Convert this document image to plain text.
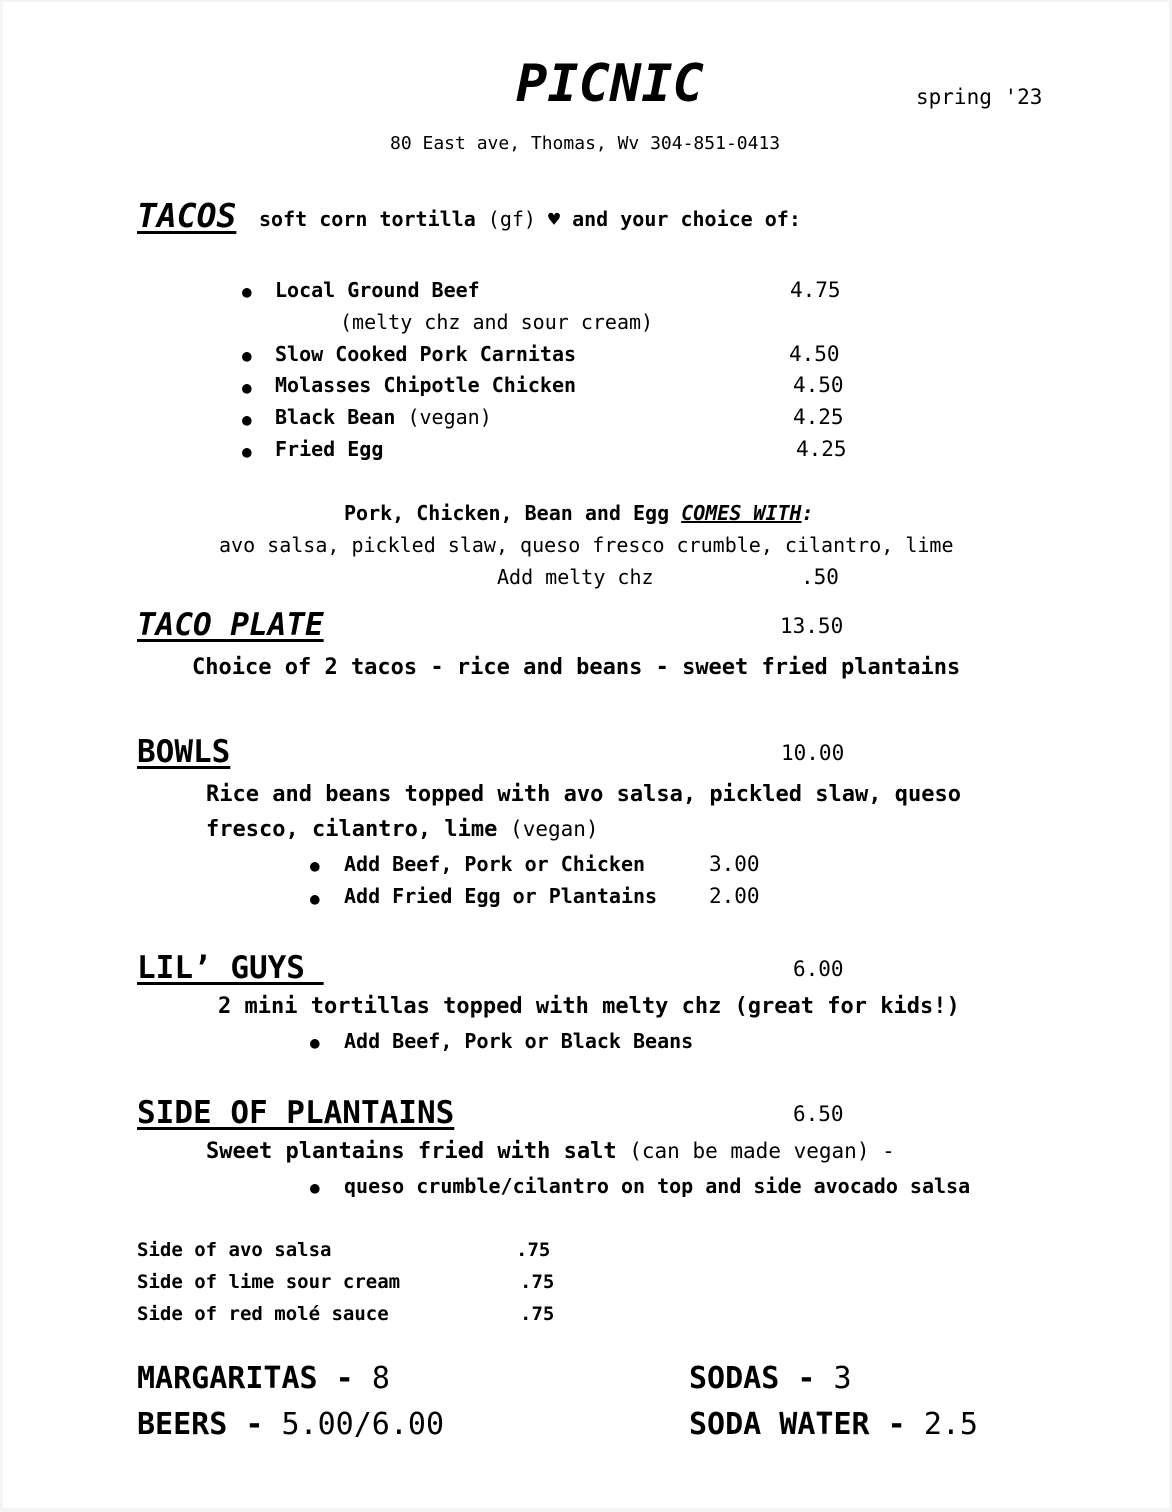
PICNIC	spring '23
80 East ave, Thomas, Wv 304-851-0413
TACOS soft corn tortilla (gf) ♥ and your choice of:
● Local Ground Beef	4.75
(melty chz and sour cream)
● Slow Cooked Pork Carnitas	4.50
● Molasses Chipotle Chicken	4.50
● Black Bean (vegan)	4.25
● Fried Egg	4.25
Pork, Chicken, Bean and Egg COMES WITH:
avo salsa, pickled slaw, queso fresco crumble, cilantro, lime
Add melty chz	.50
TACO PLATE	13.50
Choice of 2 tacos - rice and beans - sweet fried plantains
BOWLS	10.00
Rice and beans topped with avo salsa, pickled slaw, queso
fresco, cilantro, lime (vegan)
● Add Beef, Pork or Chicken	3.00
● Add Fried Egg or Plantains 2.00
LIL’ GUYS	6.00
2 mini tortillas topped with melty chz (great for kids!)
● Add Beef, Pork or Black Beans
SIDE OF PLANTAINS	6.50
Sweet plantains fried with salt (can be made vegan) -
● queso crumble/cilantro on top and side avocado salsa
Side of avo salsa	.75
Side of lime sour cream	.75
Side of red molé sauce	.75
MARGARITAS - 8
BEERS - 5.00/6.00
SODAS - 3
SODA WATER - 2.5
